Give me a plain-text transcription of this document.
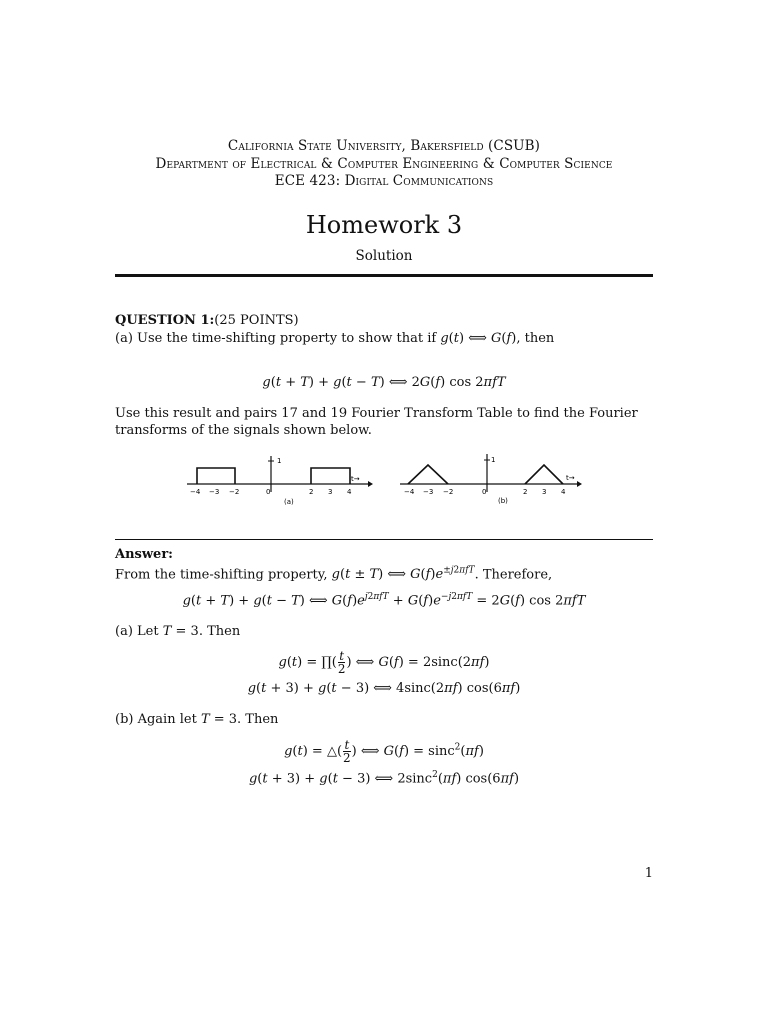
California State University, Bakersfield (CSUB)
Department of Electrical & Computer Engineering & Computer Science
ECE 423: Digital Communications
Homework 3
Solution
QUESTION 1:(25 POINTS)
(a) Use the time-shifting property to show that if g(t) ⟺ G(f), then
g(t + T) + g(t − T) ⟺ 2G(f) cos 2πfT
Use this result and pairs 17 and 19 Fourier Transform Table to find the Fourier transforms of the signals shown below.
1
t→
−4 −3 −2	0	2 3 4
(a)
1
t→
−4 −3 −2	0	2 3 4
(b)
Answer:
From the time-shifting property, g(t ± T) ⟺ $G(f)e^{\pm j2\pi fT}$. Therefore,
g(t + T) + g(t − T) ⟺ $G(f)e^{j2\pi fT} + G(f)e^{-j2\pi fT} = 2G(f)$ cos 2πfT
(a) Let T = 3. Then
g(t) = ∏( $\frac{t}{2}$ ) ⟺ G(f) = 2sinc(2πf)
g(t + 3) + g(t − 3) ⟺ 4sinc(2πf) cos(6πf)
(b) Again let T = 3. Then
g(t) = △( $\frac{t}{2}$ ) ⟺ G(f) = sinc$^2$(πf)
g(t + 3) + g(t − 3) ⟺ 2sinc$^2$(πf) cos(6πf)
1
